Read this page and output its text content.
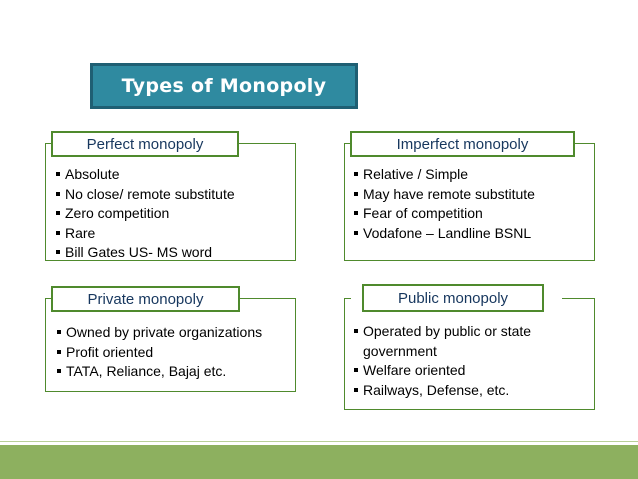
Types of Monopoly
Absolute
No close/ remote substitute
Zero competition
Rare
Bill Gates US- MS word
Perfect monopoly
Relative / Simple
May have remote substitute
Fear of competition
Vodafone – Landline BSNL
Imperfect monopoly
Owned by private organizations
Profit oriented
TATA, Reliance, Bajaj etc.
Private monopoly
Operated by public or state government
Welfare oriented
Railways, Defense, etc.
Public monopoly
